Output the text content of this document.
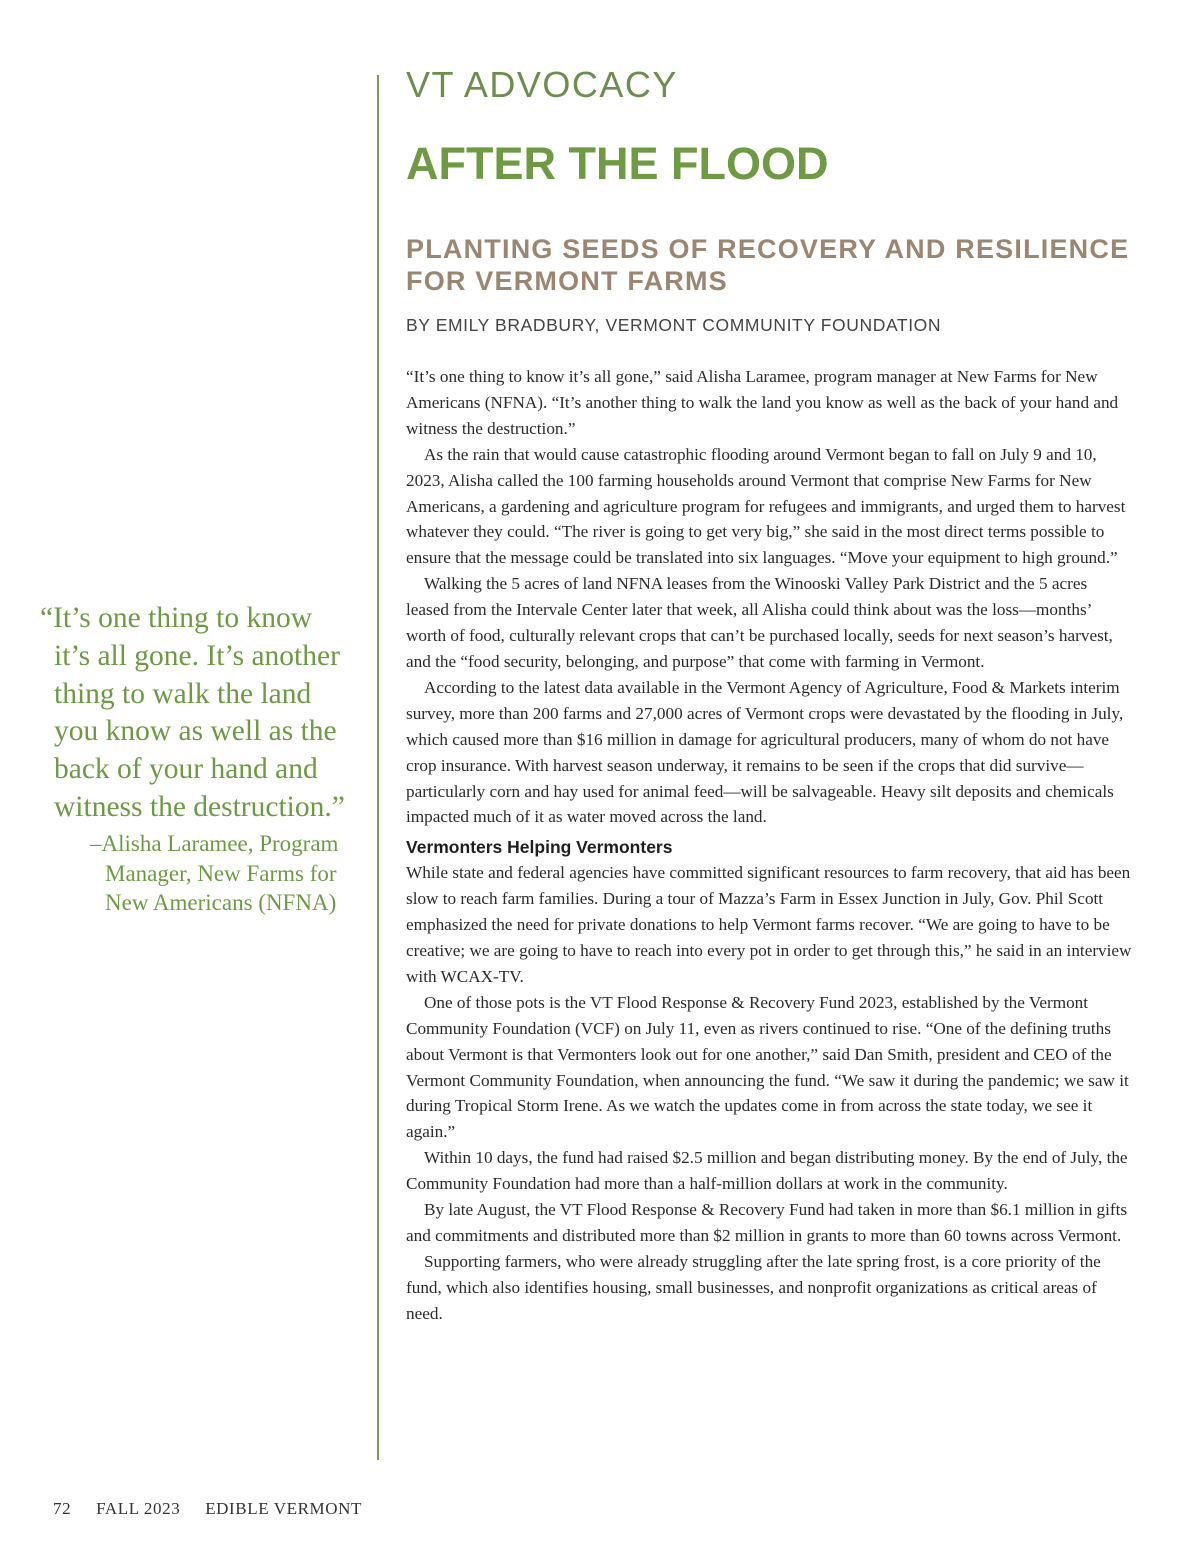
VT ADVOCACY
AFTER THE FLOOD
PLANTING SEEDS OF RECOVERY AND RESILIENCE FOR VERMONT FARMS
BY EMILY BRADBURY, VERMONT COMMUNITY FOUNDATION

“It’s one thing to know it’s all gone,” said Alisha Laramee, program manager at New Farms for New Americans (NFNA). “It’s another thing to walk the land you know as well as the back of your hand and witness the destruction.”

As the rain that would cause catastrophic flooding around Vermont began to fall on July 9 and 10, 2023, Alisha called the 100 farming households around Vermont that comprise New Farms for New Americans, a gardening and agriculture program for refugees and immigrants, and urged them to harvest whatever they could. “The river is going to get very big,” she said in the most direct terms possible to ensure that the message could be translated into six languages. “Move your equipment to high ground.”

Walking the 5 acres of land NFNA leases from the Winooski Valley Park District and the 5 acres leased from the Intervale Center later that week, all Alisha could think about was the loss—months’ worth of food, culturally relevant crops that can’t be purchased locally, seeds for next season’s harvest, and the “food security, belonging, and purpose” that come with farming in Vermont.

According to the latest data available in the Vermont Agency of Agriculture, Food & Markets interim survey, more than 200 farms and 27,000 acres of Vermont crops were devastated by the flooding in July, which caused more than $16 million in damage for agricultural producers, many of whom do not have crop insurance. With harvest season underway, it remains to be seen if the crops that did survive—particularly corn and hay used for animal feed—will be salvageable. Heavy silt deposits and chemicals impacted much of it as water moved across the land.

Vermonters Helping Vermonters

While state and federal agencies have committed significant resources to farm recovery, that aid has been slow to reach farm families. During a tour of Mazza’s Farm in Essex Junction in July, Gov. Phil Scott emphasized the need for private donations to help Vermont farms recover. “We are going to have to be creative; we are going to have to reach into every pot in order to get through this,” he said in an interview with WCAX-TV.

One of those pots is the VT Flood Response & Recovery Fund 2023, established by the Vermont Community Foundation (VCF) on July 11, even as rivers continued to rise. “One of the defining truths about Vermont is that Vermonters look out for one another,” said Dan Smith, president and CEO of the Vermont Community Foundation, when announcing the fund. “We saw it during the pandemic; we saw it during Tropical Storm Irene. As we watch the updates come in from across the state today, we see it again.”

Within 10 days, the fund had raised $2.5 million and began distributing money. By the end of July, the Community Foundation had more than a half-million dollars at work in the community.

By late August, the VT Flood Response & Recovery Fund had taken in more than $6.1 million in gifts and commitments and distributed more than $2 million in grants to more than 60 towns across Vermont.

Supporting farmers, who were already struggling after the late spring frost, is a core priority of the fund, which also identifies housing, small businesses, and nonprofit organizations as critical areas of need.

“It’s one thing to know it’s all gone. It’s another thing to walk the land you know as well as the back of your hand and witness the destruction.”

–Alisha Laramee, Program Manager, New Farms for New Americans (NFNA)

72 FALL 2023 EDIBLE VERMONT
